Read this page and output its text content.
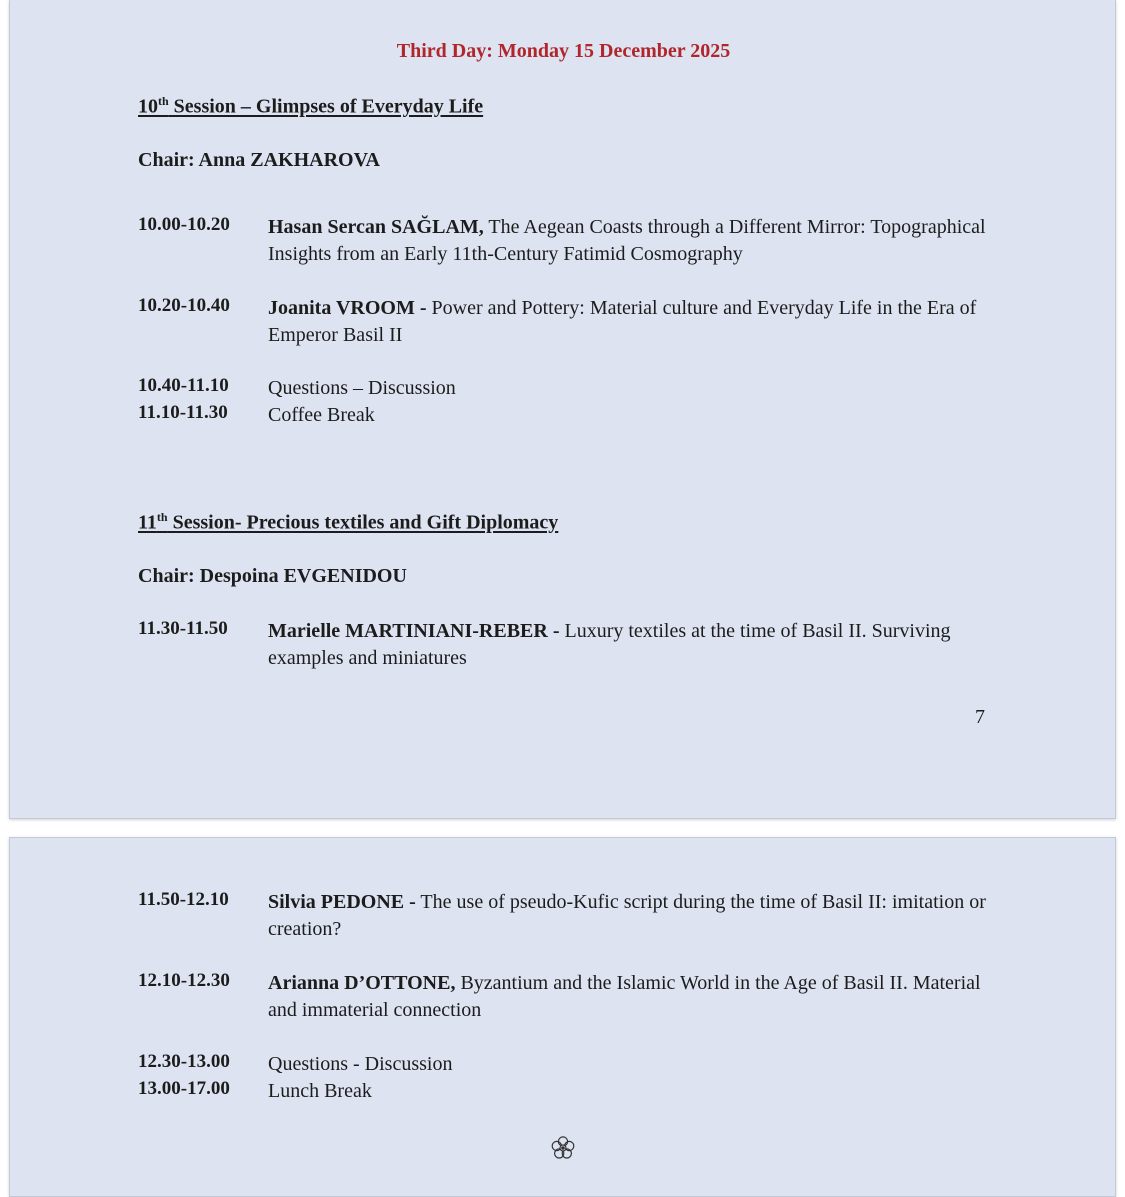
Third Day: Monday 15 December 2025
10th Session – Glimpses of Everyday Life
Chair: Anna ZAKHAROVA
10.00-10.20 Hasan Sercan SAĞLAM, The Aegean Coasts through a Different Mirror: Topographical Insights from an Early 11th-Century Fatimid Cosmography
10.20-10.40 Joanita VROOM - Power and Pottery: Material culture and Everyday Life in the Era of Emperor Basil II
10.40-11.10 Questions – Discussion
11.10-11.30 Coffee Break
11th Session- Precious textiles and Gift Diplomacy
Chair: Despoina EVGENIDOU
11.30-11.50 Marielle MARTINIANI-REBER - Luxury textiles at the time of Basil II. Surviving examples and miniatures
7
11.50-12.10 Silvia PEDONE - The use of pseudo-Kufic script during the time of Basil II: imitation or creation?
12.10-12.30 Arianna D’OTTONE, Byzantium and the Islamic World in the Age of Basil II. Material and immaterial connection
12.30-13.00 Questions - Discussion
13.00-17.00 Lunch Break
